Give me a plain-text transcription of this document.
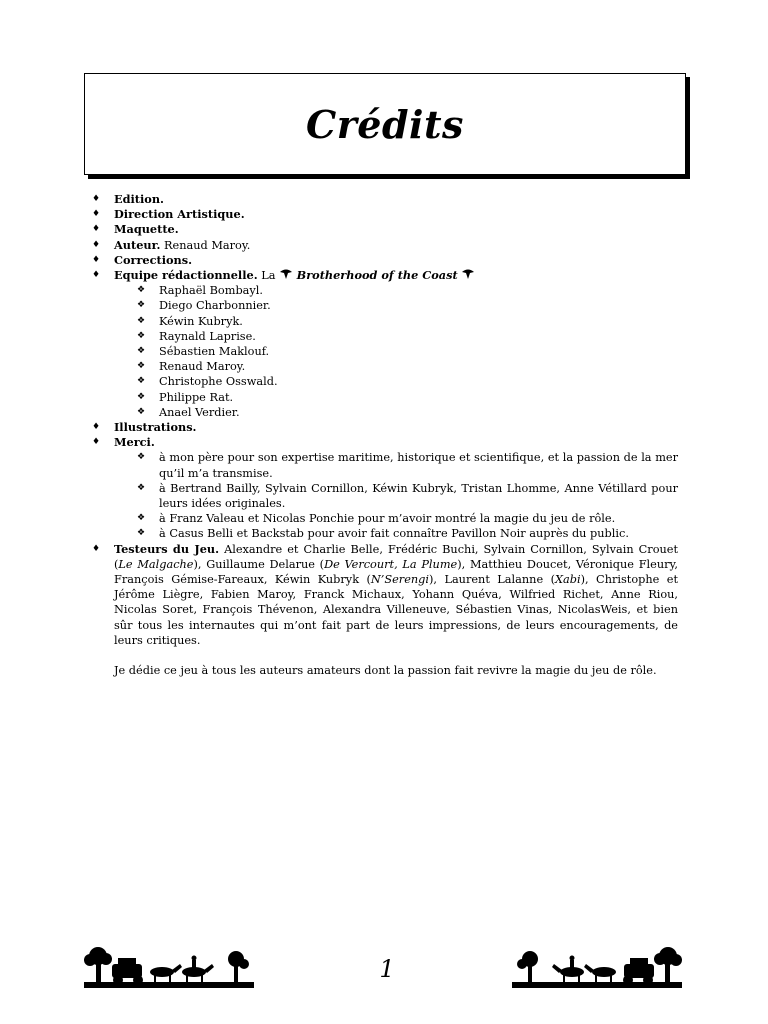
Crédits
♦ Edition.
♦ Direction Artistique.
♦ Maquette.
♦ Auteur. Renaud Maroy.
♦ Corrections.
♦ Equipe rédactionnelle. La  Brotherhood of the Coast
❖ Raphaël Bombayl.
❖ Diego Charbonnier.
❖ Kéwin Kubryk.
❖ Raynald Laprise.
❖ Sébastien Maklouf.
❖ Renaud Maroy.
❖ Christophe Osswald.
❖ Philippe Rat.
❖ Anael Verdier.
♦ Illustrations.
♦ Merci.
❖ à mon père pour son expertise maritime, historique et scientifique, et la passion de la mer qu’il m’a transmise.
❖ à Bertrand Bailly, Sylvain Cornillon, Kéwin Kubryk, Tristan Lhomme, Anne Vétillard pour leurs idées originales.
❖ à Franz Valeau et Nicolas Ponchie pour m’avoir montré la magie du jeu de rôle.
❖ à Casus Belli et Backstab pour avoir fait connaître Pavillon Noir auprès du public.
♦ Testeurs du Jeu. Alexandre et Charlie Belle, Frédéric Buchi, Sylvain Cornillon, Sylvain Crouet (Le Malgache), Guillaume Delarue (De Vercourt, La Plume), Matthieu Doucet, Véronique Fleury, François Gémise-Fareaux, Kéwin Kubryk (N’Serengi), Laurent Lalanne (Xabi), Christophe et Jérôme Liègre, Fabien Maroy, Franck Michaux, Yohann Quéva, Wilfried Richet, Anne Riou, Nicolas Soret, François Thévenon, Alexandra Villeneuve, Sébastien Vinas, NicolasWeis, et bien sûr tous les internautes qui m’ont fait part de leurs impressions, de leurs encouragements, de leurs critiques.

Je dédie ce jeu à tous les auteurs amateurs dont la passion fait revivre la magie du jeu de rôle.

1
